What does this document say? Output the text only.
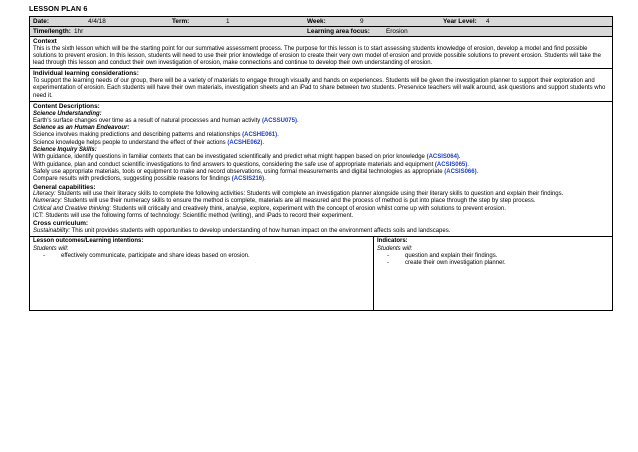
LESSON PLAN 6
Date:	4/4/18	Term:	1	Week:	9	Year Level: 4
Time/length: 1hr	Learning area focus:	Erosion

Context

This is the sixth lesson which will be the starting point for our summative assessment process. The purpose for this lesson is to start assessing students knowledge of erosion, develop a model and find possible solutions to prevent erosion. In this lesson, students will need to use their prior knowledge of erosion to create their very own model of erosion and provide possible solutions to prevent erosion. Students will take the lead through this lesson and conduct their own investigation of erosion, make connections and continue to develop their own understanding of erosion.

Individual learning considerations:

To support the learning needs of our group, there will be a variety of materials to engage through visually and hands on experiences. Students will be given the investigation planner to support their exploration and experimentation of erosion. Each students will have their own materials, investigation sheets and an iPad to share between two students. Preservice teachers will walk around, ask questions and support students who need it.

Content Descriptions:

Science Understanding:

Earth's surface changes over time as a result of natural processes and human activity (ACSSU075).

Science as an Human Endeavour:

Science involves making predictions and describing patterns and relationships (ACSHE061).

Science knowledge helps people to understand the effect of their actions (ACSHE062).

Science Inquiry Skills:

With guidance, identify questions in familiar contexts that can be investigated scientifically and predict what might happen based on prior knowledge (ACSIS064).

With guidance, plan and conduct scientific investigations to find answers to questions, considering the safe use of appropriate materials and equipment (ACSIS065).

Safely use appropriate materials, tools or equipment to make and record observations, using formal measurements and digital technologies as appropriate (ACSIS066).

Compare results with predictions, suggesting possible reasons for findings (ACSIS216).

General capabilities:

Literacy: Students will use their literacy skills to complete the following activities: Students will complete an investigation planner alongside using their literary skills to question and explain their findings.

Numeracy: Students will use their numeracy skills to ensure the method is complete, materials are all measured and the process of method is put into place through the step by step process.

Critical and Creative thinking: Students will critically and creatively think, analyse, explore, experiment with the concept of erosion whilst come up with solutions to prevent erosion.

ICT: Students will use the following forms of technology: Scientific method (writing), and iPads to record their experiment.

Cross curriculum:

Sustainability: This unit provides students with opportunities to develop understanding of how human impact on the environment affects soils and landscapes.

Lesson outcomes/Learning intentions:

Students will:

- effectively communicate, participate and share ideas based on erosion.

Indicators:

Students will:

- question and explain their findings.
- create their own investigation planner.
